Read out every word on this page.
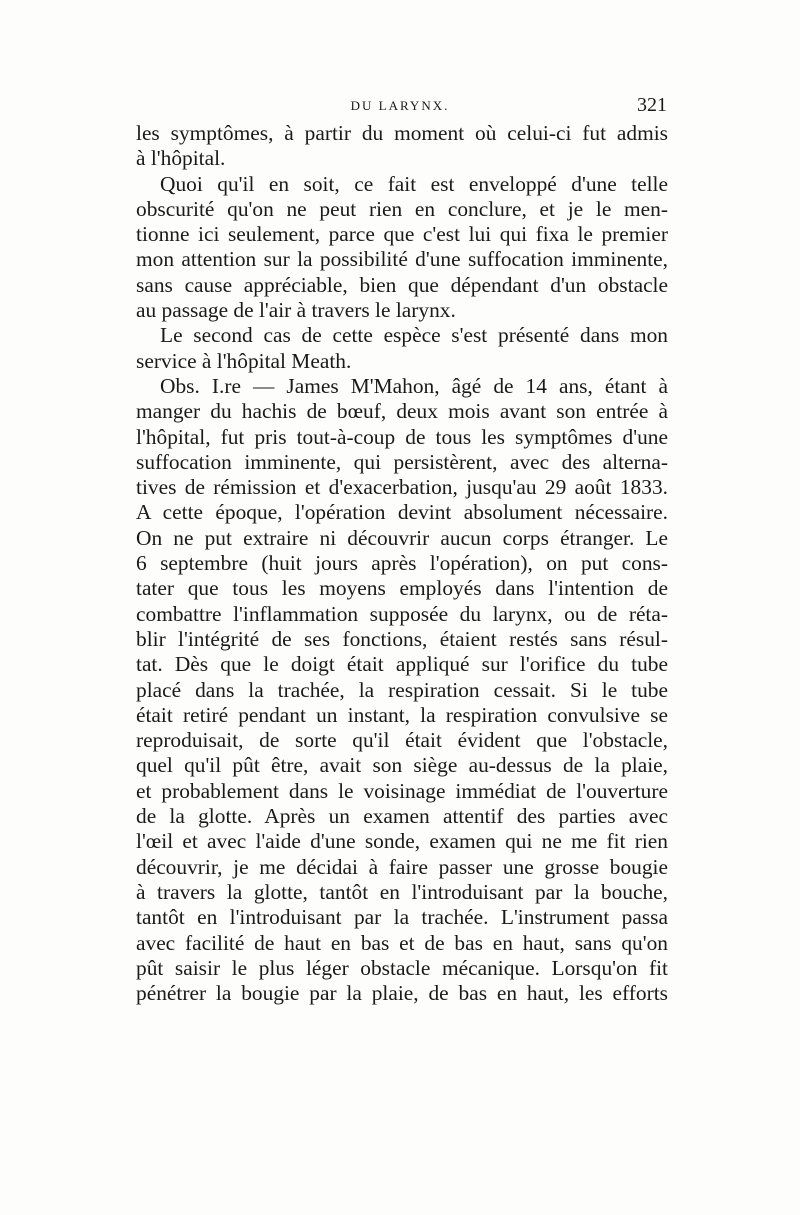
DU LARYNX.	321
les symptômes, à partir du moment où celui-ci fut admis
à l'hôpital.
Quoi qu'il en soit, ce fait est enveloppé d'une telle
obscurité qu'on ne peut rien en conclure, et je le men-
tionne ici seulement, parce que c'est lui qui fixa le premier
mon attention sur la possibilité d'une suffocation imminente,
sans cause appréciable, bien que dépendant d'un obstacle
au passage de l'air à travers le larynx.
Le second cas de cette espèce s'est présenté dans mon
service à l'hôpital Meath.
Obs. I.re — James M'Mahon, âgé de 14 ans, étant à
manger du hachis de bœuf, deux mois avant son entrée à
l'hôpital, fut pris tout-à-coup de tous les symptômes d'une
suffocation imminente, qui persistèrent, avec des alterna-
tives de rémission et d'exacerbation, jusqu'au 29 août 1833.
A cette époque, l'opération devint absolument nécessaire.
On ne put extraire ni découvrir aucun corps étranger. Le
6 septembre (huit jours après l'opération), on put cons-
tater que tous les moyens employés dans l'intention de
combattre l'inflammation supposée du larynx, ou de réta-
blir l'intégrité de ses fonctions, étaient restés sans résul-
tat. Dès que le doigt était appliqué sur l'orifice du tube
placé dans la trachée, la respiration cessait. Si le tube
était retiré pendant un instant, la respiration convulsive se
reproduisait, de sorte qu'il était évident que l'obstacle,
quel qu'il pût être, avait son siège au-dessus de la plaie,
et probablement dans le voisinage immédiat de l'ouverture
de la glotte. Après un examen attentif des parties avec
l'œil et avec l'aide d'une sonde, examen qui ne me fit rien
découvrir, je me décidai à faire passer une grosse bougie
à travers la glotte, tantôt en l'introduisant par la bouche,
tantôt en l'introduisant par la trachée. L'instrument passa
avec facilité de haut en bas et de bas en haut, sans qu'on
pût saisir le plus léger obstacle mécanique. Lorsqu'on fit
pénétrer la bougie par la plaie, de bas en haut, les efforts
